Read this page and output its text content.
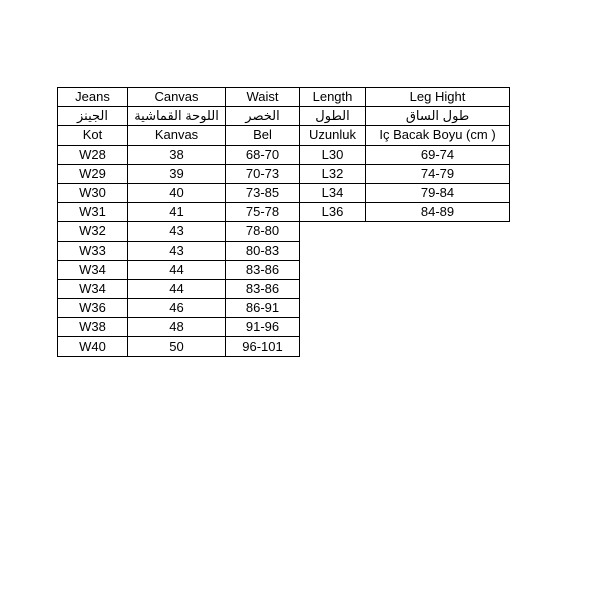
Jeans	Canvas	Waist	Length	Leg Hight
الجينز	اللوحة القماشية	الخصر	الطول	طول الساق
Kot	Kanvas	Bel	Uzunluk	Iç Bacak Boyu (cm )
W28	38	68-70	L30	69-74
W29	39	70-73	L32	74-79
W30	40	73-85	L34	79-84
W31	41	75-78	L36	84-89
W32	43	78-80		
W33	43	80-83		
W34	44	83-86		
W34	44	83-86		
W36	46	86-91		
W38	48	91-96		
W40	50	96-101		
